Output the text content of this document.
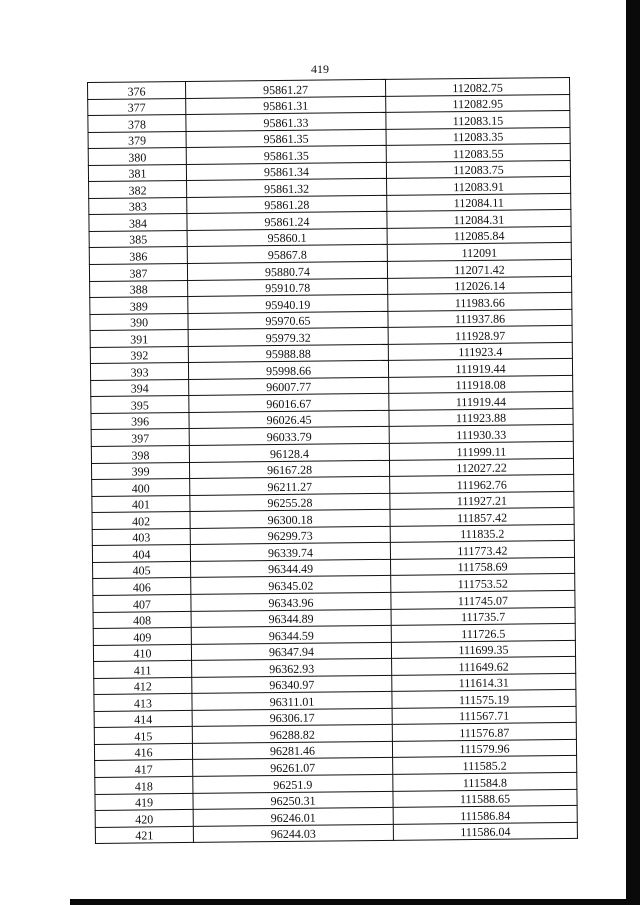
419
376	95861.27	112082.75
377	95861.31	112082.95
378	95861.33	112083.15
379	95861.35	112083.35
380	95861.35	112083.55
381	95861.34	112083.75
382	95861.32	112083.91
383	95861.28	112084.11
384	95861.24	112084.31
385	95860.1	112085.84
386	95867.8	112091
387	95880.74	112071.42
388	95910.78	112026.14
389	95940.19	111983.66
390	95970.65	111937.86
391	95979.32	111928.97
392	95988.88	111923.4
393	95998.66	111919.44
394	96007.77	111918.08
395	96016.67	111919.44
396	96026.45	111923.88
397	96033.79	111930.33
398	96128.4	111999.11
399	96167.28	112027.22
400	96211.27	111962.76
401	96255.28	111927.21
402	96300.18	111857.42
403	96299.73	111835.2
404	96339.74	111773.42
405	96344.49	111758.69
406	96345.02	111753.52
407	96343.96	111745.07
408	96344.89	111735.7
409	96344.59	111726.5
410	96347.94	111699.35
411	96362.93	111649.62
412	96340.97	111614.31
413	96311.01	111575.19
414	96306.17	111567.71
415	96288.82	111576.87
416	96281.46	111579.96
417	96261.07	111585.2
418	96251.9	111584.8
419	96250.31	111588.65
420	96246.01	111586.84
421	96244.03	111586.04
